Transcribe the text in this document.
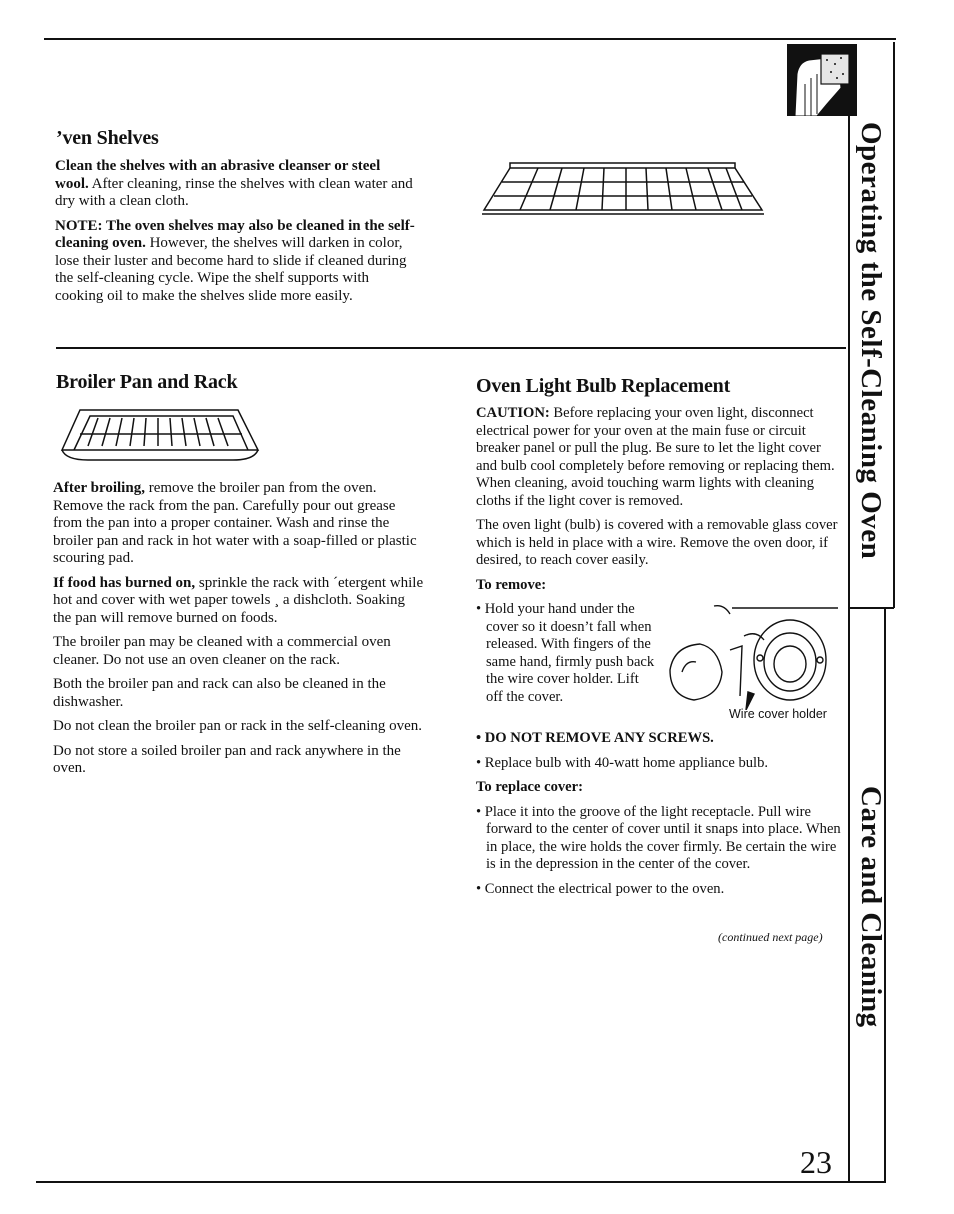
’ven Shelves

Clean the shelves with an abrasive cleanser or steel wool. After cleaning, rinse the shelves with clean water and dry with a clean cloth.

NOTE: The oven shelves may also be cleaned in the self-cleaning oven. However, the shelves will darken in color, lose their luster and become hard to slide if cleaned during the self-cleaning cycle. Wipe the shelf supports with cooking oil to make the shelves slide more easily.

Broiler Pan and Rack

After broiling, remove the broiler pan from the oven. Remove the rack from the pan. Carefully pour out grease from the pan into a proper container. Wash and rinse the broiler pan and rack in hot water with a soap-filled or plastic scouring pad.

If food has burned on, sprinkle the rack with ´etergent while hot and cover with wet paper towels ¸ a dishcloth. Soaking the pan will remove burned on foods.

The broiler pan may be cleaned with a commercial oven cleaner. Do not use an oven cleaner on the rack.

Both the broiler pan and rack can also be cleaned in the dishwasher.

Do not clean the broiler pan or rack in the self-cleaning oven.

Do not store a soiled broiler pan and rack anywhere in the oven.

Oven Light Bulb Replacement

CAUTION: Before replacing your oven light, disconnect electrical power for your oven at the main fuse or circuit breaker panel or pull the plug. Be sure to let the light cover and bulb cool completely before removing or replacing them. When cleaning, avoid touching warm lights with cleaning cloths if the light cover is removed.

The oven light (bulb) is covered with a removable glass cover which is held in place with a wire. Remove the oven door, if desired, to reach cover easily.

To remove:

• Hold your hand under the cover so it doesn’t fall when released. With fingers of the same hand, firmly push back the wire cover holder. Lift off the cover.

Wire cover holder

• DO NOT REMOVE ANY SCREWS.

• Replace bulb with 40-watt home appliance bulb.

To replace cover:

• Place it into the groove of the light receptacle. Pull wire forward to the center of cover until it snaps into place. When in place, the wire holds the cover firmly. Be certain the wire is in the depression in the center of the cover.

• Connect the electrical power to the oven.

(continued next page)
Operating the Self-Cleaning Oven
Care and Cleaning
23
